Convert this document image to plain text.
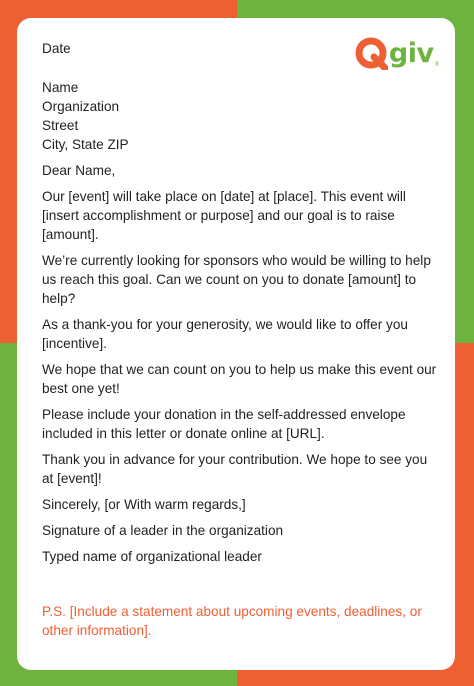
giv ®

Date

Name

Organization

Street

City, State ZIP

Dear Name,

Our [event] will take place on [date] at [place]. This event will [insert accomplishment or purpose] and our goal is to raise [amount].

We’re currently looking for sponsors who would be willing to help us reach this goal. Can we count on you to donate [amount] to help?

As a thank-you for your generosity, we would like to offer you [incentive].

We hope that we can count on you to help us make this event our best one yet!

Please include your donation in the self-addressed envelope included in this letter or donate online at [URL].

Thank you in advance for your contribution. We hope to see you at [event]!

Sincerely, [or With warm regards,]

Signature of a leader in the organization

Typed name of organizational leader

P.S. [Include a statement about upcoming events, deadlines, or other information].
